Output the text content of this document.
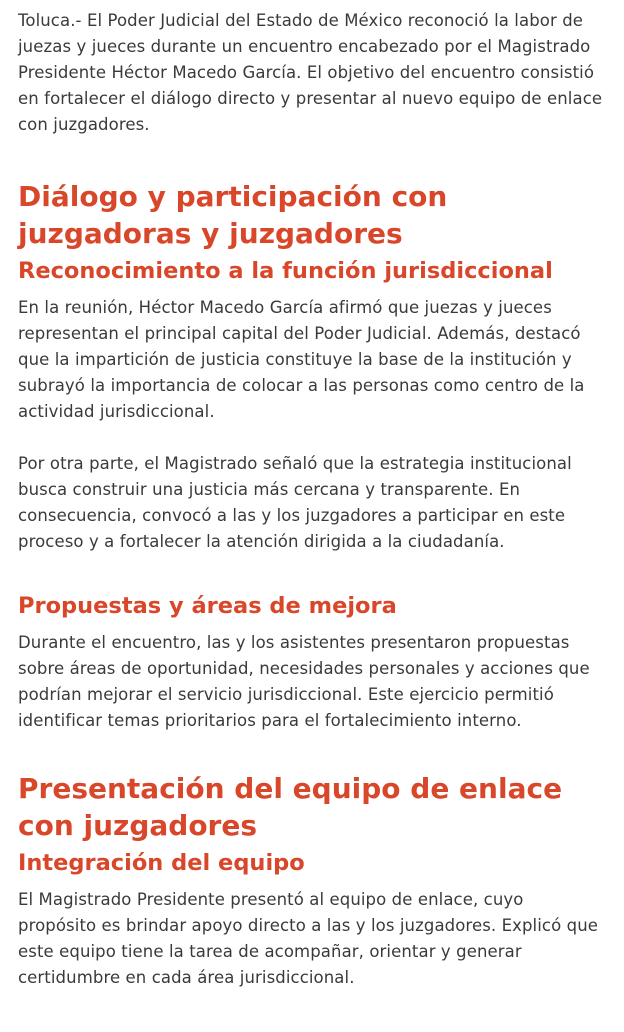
Toluca.- El Poder Judicial del Estado de México reconoció la labor de juezas y jueces durante un encuentro encabezado por el Magistrado Presidente Héctor Macedo García. El objetivo del encuentro consistió en fortalecer el diálogo directo y presentar al nuevo equipo de enlace con juzgadores.

Diálogo y participación con juzgadoras y juzgadores
Reconocimiento a la función jurisdiccional

En la reunión, Héctor Macedo García afirmó que juezas y jueces representan el principal capital del Poder Judicial. Además, destacó que la impartición de justicia constituye la base de la institución y subrayó la importancia de colocar a las personas como centro de la actividad jurisdiccional.

Por otra parte, el Magistrado señaló que la estrategia institucional busca construir una justicia más cercana y transparente. En consecuencia, convocó a las y los juzgadores a participar en este proceso y a fortalecer la atención dirigida a la ciudadanía.

Propuestas y áreas de mejora

Durante el encuentro, las y los asistentes presentaron propuestas sobre áreas de oportunidad, necesidades personales y acciones que podrían mejorar el servicio jurisdiccional. Este ejercicio permitió identificar temas prioritarios para el fortalecimiento interno.

Presentación del equipo de enlace con juzgadores
Integración del equipo

El Magistrado Presidente presentó al equipo de enlace, cuyo propósito es brindar apoyo directo a las y los juzgadores. Explicó que este equipo tiene la tarea de acompañar, orientar y generar certidumbre en cada área jurisdiccional.
